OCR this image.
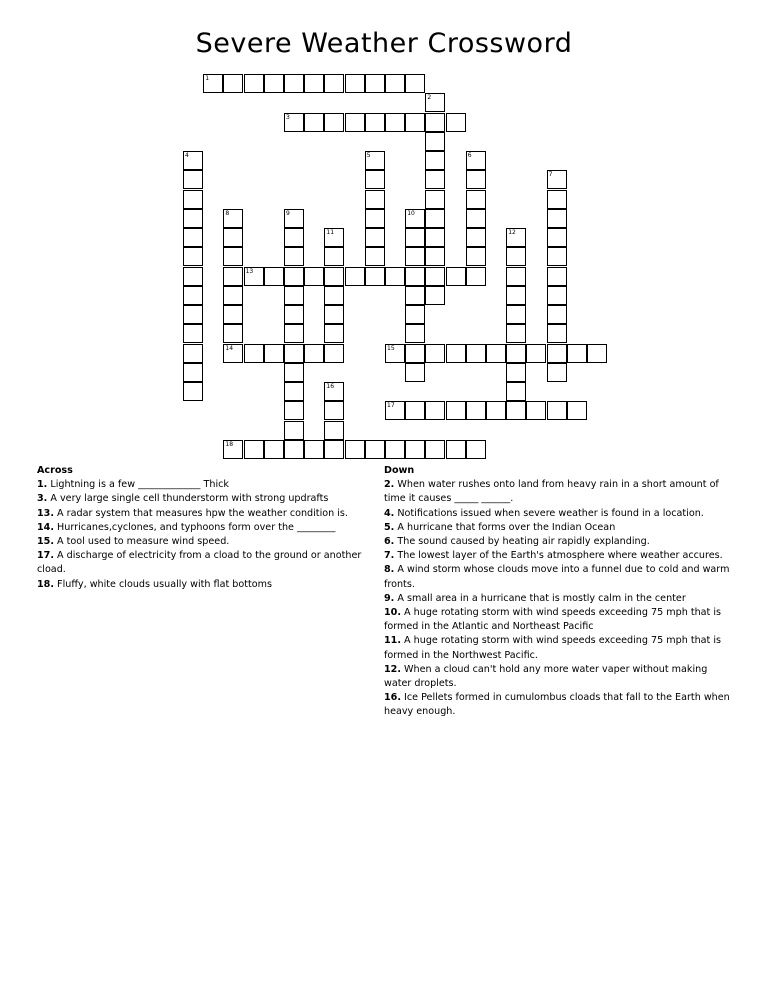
Severe Weather Crossword
1
3
13
14	15
17
18
2
4	5	6
7
8	9	10
11	12
16
Across

1. Lightning is a few _____________ Thick

3. A very large single cell thunderstorm with strong updrafts

13. A radar system that measures hpw the weather condition is.

14. Hurricanes,cyclones, and typhoons form over the ________

15. A tool used to measure wind speed.

17. A discharge of electricity from a cload to the ground or another cload.

18. Fluffy, white clouds usually with flat bottoms

Down

2. When water rushes onto land from heavy rain in a short amount of time it causes _____ ______.

4. Notifications issued when severe weather is found in a location.

5. A hurricane that forms over the Indian Ocean

6. The sound caused by heating air rapidly explanding.

7. The lowest layer of the Earth's atmosphere where weather accures.

8. A wind storm whose clouds move into a funnel due to cold and warm fronts.

9. A small area in a hurricane that is mostly calm in the center

10. A huge rotating storm with wind speeds exceeding 75 mph that is formed in the Atlantic and Northeast Pacific

11. A huge rotating storm with wind speeds exceeding 75 mph that is formed in the Northwest Pacific.

12. When a cloud can't hold any more water vaper without making water droplets.

16. Ice Pellets formed in cumulombus cloads that fall to the Earth when heavy enough.
